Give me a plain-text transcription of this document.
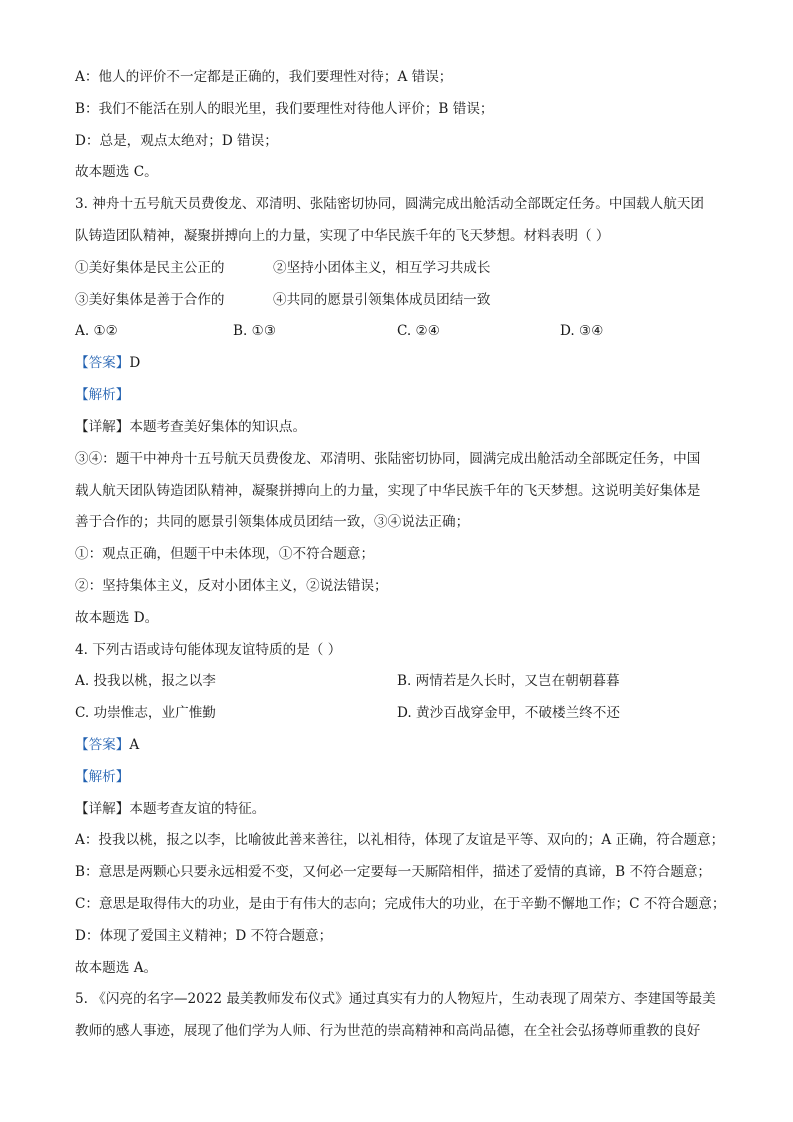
A：他人的评价不一定都是正确的，我们要理性对待；A 错误；
B：我们不能活在别人的眼光里，我们要理性对待他人评价；B 错误；
D：总是，观点太绝对；D 错误；
故本题选 C。
3. 神舟十五号航天员费俊龙、邓清明、张陆密切协同，圆满完成出舱活动全部既定任务。中国载人航天团
队铸造团队精神，凝聚拼搏向上的力量，实现了中华民族千年的飞天梦想。材料表明（ ）
①美好集体是民主公正的	②坚持小团体主义，相互学习共成长
③美好集体是善于合作的	④共同的愿景引领集体成员团结一致
A. ①②	B. ①③	C. ②④	D. ③④
【答案】D
【解析】
【详解】本题考查美好集体的知识点。
③④：题干中神舟十五号航天员费俊龙、邓清明、张陆密切协同，圆满完成出舱活动全部既定任务，中国
载人航天团队铸造团队精神，凝聚拼搏向上的力量，实现了中华民族千年的飞天梦想。这说明美好集体是
善于合作的；共同的愿景引领集体成员团结一致，③④说法正确；
①：观点正确，但题干中未体现，①不符合题意；
②：坚持集体主义，反对小团体主义，②说法错误；
故本题选 D。
4. 下列古语或诗句能体现友谊特质的是（ ）
A. 投我以桃，报之以李	B. 两情若是久长时，又岂在朝朝暮暮
C. 功崇惟志，业广惟勤	D. 黄沙百战穿金甲，不破楼兰终不还
【答案】A
【解析】
【详解】本题考查友谊的特征。
A：投我以桃，报之以李，比喻彼此善来善往，以礼相待，体现了友谊是平等、双向的；A 正确，符合题意；
B：意思是两颗心只要永远相爱不变，又何必一定要每一天厮陪相伴，描述了爱情的真谛，B 不符合题意；
C：意思是取得伟大的功业，是由于有伟大的志向；完成伟大的功业，在于辛勤不懈地工作；C 不符合题意；
D：体现了爱国主义精神；D 不符合题意；
故本题选 A。
5. 《闪亮的名字—2022 最美教师发布仪式》通过真实有力的人物短片，生动表现了周荣方、李建国等最美
教师的感人事迹，展现了他们学为人师、行为世范的崇高精神和高尚品德，在全社会弘扬尊师重教的良好
